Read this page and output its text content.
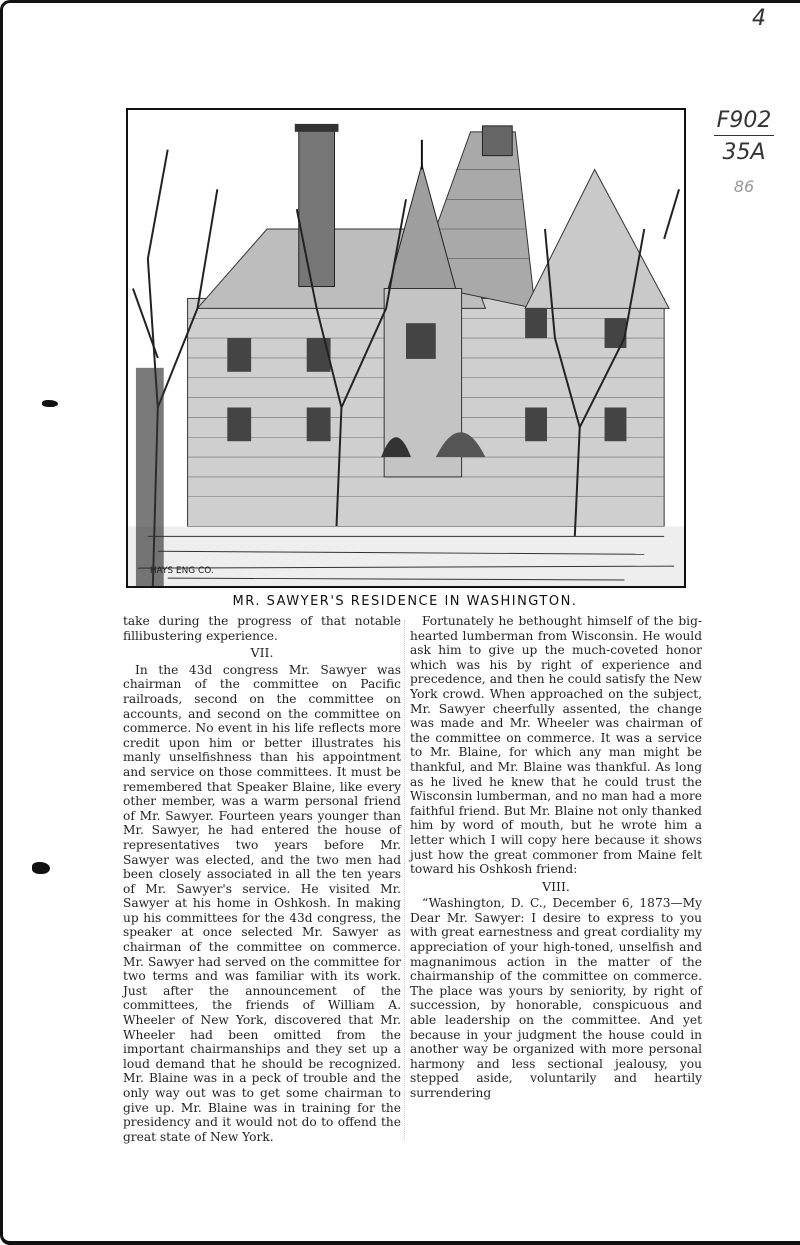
4
F902
35A
86
HAYS ENG CO.
MR. SAWYER'S RESIDENCE IN WASHINGTON.

take during the progress of that notable fillibustering experience.

VII.

In the 43d congress Mr. Sawyer was chairman of the committee on Pacific railroads, second on the committee on accounts, and second on the committee on commerce. No event in his life reflects more credit upon him or better illustrates his manly unselfishness than his appointment and service on those committees. It must be remembered that Speaker Blaine, like every other member, was a warm personal friend of Mr. Sawyer. Fourteen years younger than Mr. Sawyer, he had entered the house of representatives two years before Mr. Sawyer was elected, and the two men had been closely associated in all the ten years of Mr. Sawyer's service. He visited Mr. Sawyer at his home in Oshkosh. In making up his committees for the 43d congress, the speaker at once selected Mr. Sawyer as chairman of the committee on commerce. Mr. Sawyer had served on the committee for two terms and was familiar with its work. Just after the announcement of the committees, the friends of William A. Wheeler of New York, discovered that Mr. Wheeler had been omitted from the important chairmanships and they set up a loud demand that he should be recognized. Mr. Blaine was in a peck of trouble and the only way out was to get some chairman to give up. Mr. Blaine was in training for the presidency and it would not do to offend the great state of New York.

Fortunately he bethought himself of the big-hearted lumberman from Wisconsin. He would ask him to give up the much-coveted honor which was his by right of experience and precedence, and then he could satisfy the New York crowd. When approached on the subject, Mr. Sawyer cheerfully assented, the change was made and Mr. Wheeler was chairman of the committee on commerce. It was a service to Mr. Blaine, for which any man might be thankful, and Mr. Blaine was thankful. As long as he lived he knew that he could trust the Wisconsin lumberman, and no man had a more faithful friend. But Mr. Blaine not only thanked him by word of mouth, but he wrote him a letter which I will copy here because it shows just how the great commoner from Maine felt toward his Oshkosh friend:

VIII.

“Washington, D. C., December 6, 1873—My Dear Mr. Sawyer: I desire to express to you with great earnestness and great cordiality my appreciation of your high-toned, unselfish and magnanimous action in the matter of the chairmanship of the committee on commerce. The place was yours by seniority, by right of succession, by honorable, conspicuous and able leadership on the committee. And yet because in your judgment the house could in another way be organized with more personal harmony and less sectional jealousy, you stepped aside, voluntarily and heartily surrendering
